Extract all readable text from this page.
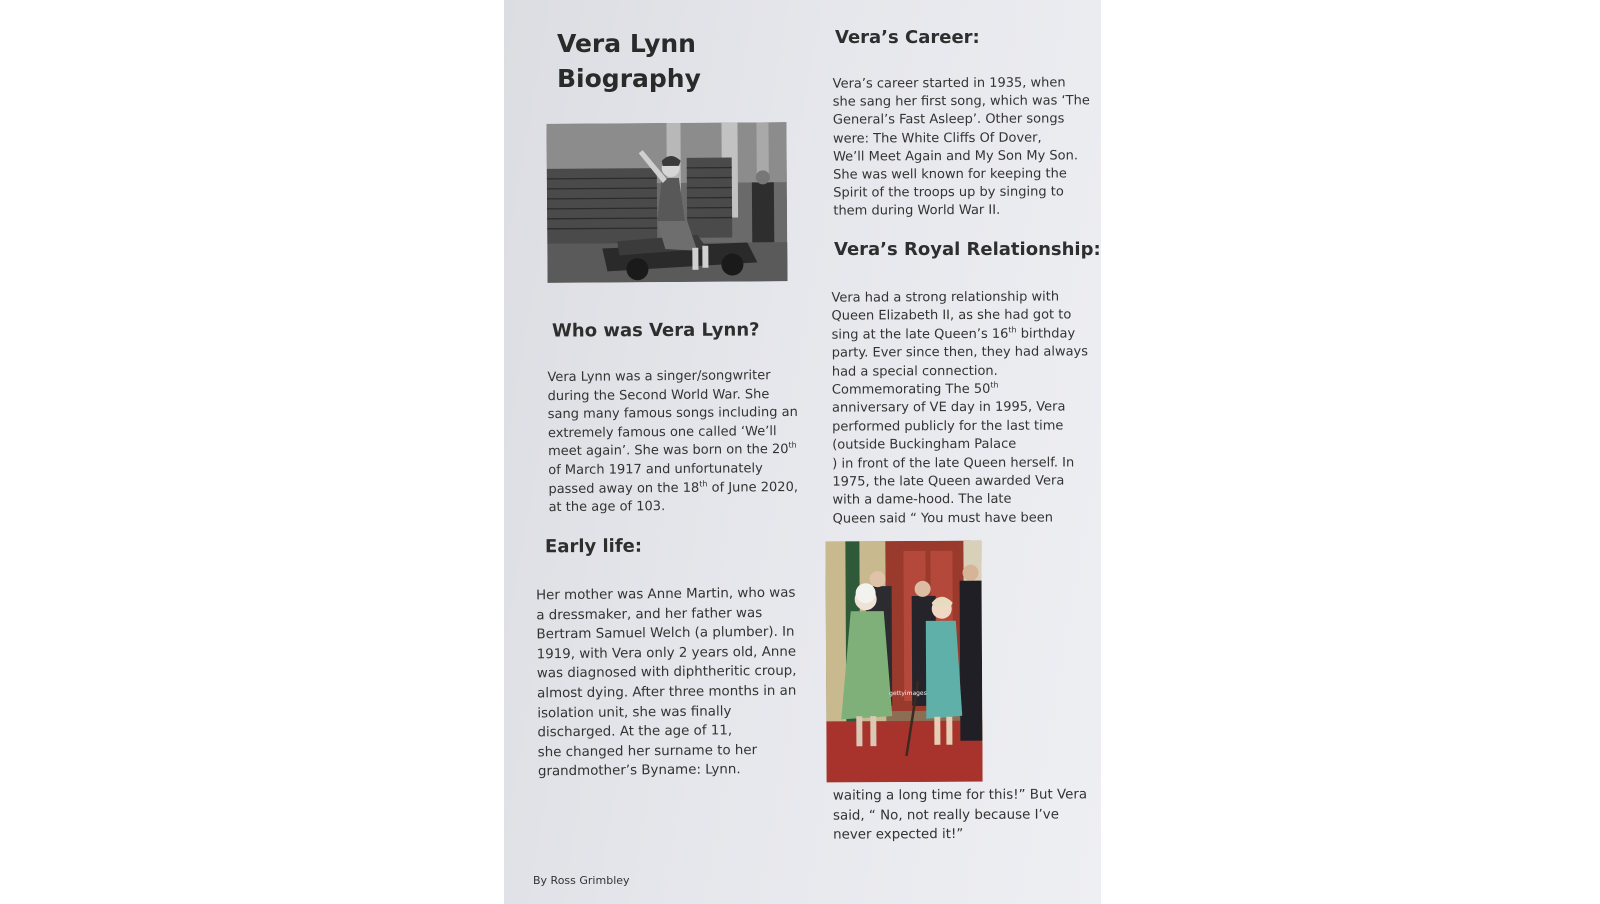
Vera Lynn
Biography
Who was Vera Lynn?
Vera Lynn was a singer/songwriter
during the Second World War. She
sang many famous songs including an
extremely famous one called ‘We’ll
meet again’. She was born on the 20th
of March 1917 and unfortunately
passed away on the 18th of June 2020,
at the age of 103.
Early life:
Her mother was Anne Martin, who was
a dressmaker, and her father was
Bertram Samuel Welch (a plumber). In
1919, with Vera only 2 years old, Anne
was diagnosed with diphtheritic croup,
almost dying. After three months in an
isolation unit, she was finally
discharged. At the age of 11,
she changed her surname to her
grandmother’s Byname: Lynn.
Vera’s Career:
Vera’s career started in 1935, when
she sang her first song, which was ‘The
General’s Fast Asleep’. Other songs
were: The White Cliffs Of Dover,
We’ll Meet Again and My Son My Son.
She was well known for keeping the
Spirit of the troops up by singing to
them during World War II.
Vera’s Royal Relationship:
Vera had a strong relationship with
Queen Elizabeth II, as she had got to
sing at the late Queen’s 16th birthday
party. Ever since then, they had always
had a special connection.
Commemorating The 50th
anniversary of VE day in 1995, Vera
performed publicly for the last time
(outside Buckingham Palace
) in front of the late Queen herself. In
1975, the late Queen awarded Vera
with a dame-hood. The late
Queen said “ You must have been
gettyimages
waiting a long time for this!” But Vera
said, “ No, not really because I’ve
never expected it!”
By Ross Grimbley
